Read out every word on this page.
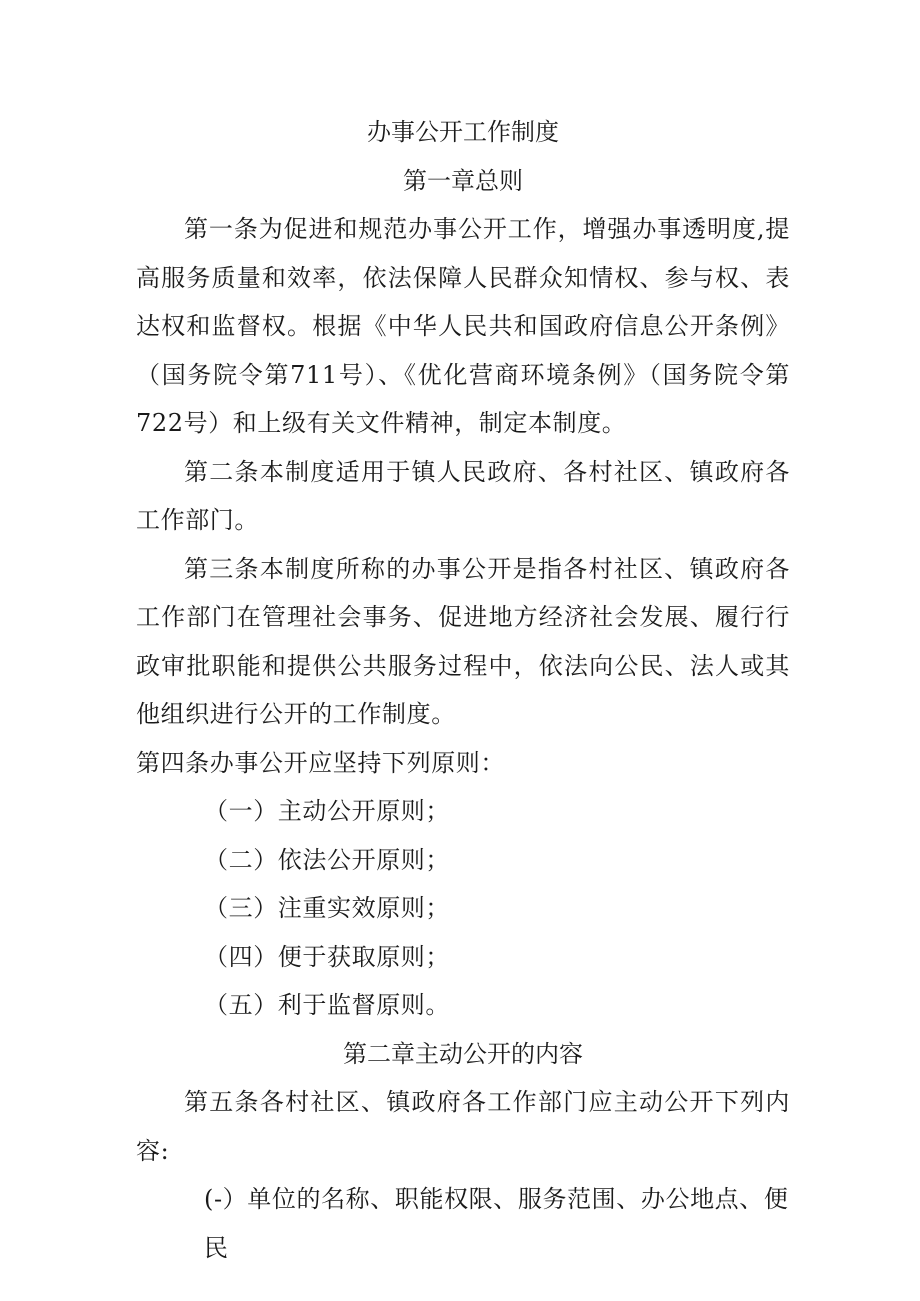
办事公开工作制度

第一章总则

第一条为促进和规范办事公开工作，增强办事透明度,提高服务质量和效率，依法保障人民群众知情权、参与权、表达权和监督权。根据《中华人民共和国政府信息公开条例》（国务院令第711号）、《优化营商环境条例》（国务院令第722号）和上级有关文件精神，制定本制度。

第二条本制度适用于镇人民政府、各村社区、镇政府各工作部门。

第三条本制度所称的办事公开是指各村社区、镇政府各工作部门在管理社会事务、促进地方经济社会发展、履行行政审批职能和提供公共服务过程中，依法向公民、法人或其他组织进行公开的工作制度。

第四条办事公开应坚持下列原则：

（一）主动公开原则；

（二）依法公开原则；

（三）注重实效原则；

（四）便于获取原则；

（五）利于监督原则。

第二章主动公开的内容

第五条各村社区、镇政府各工作部门应主动公开下列内容:

(-）单位的名称、职能权限、服务范围、办公地点、便民
